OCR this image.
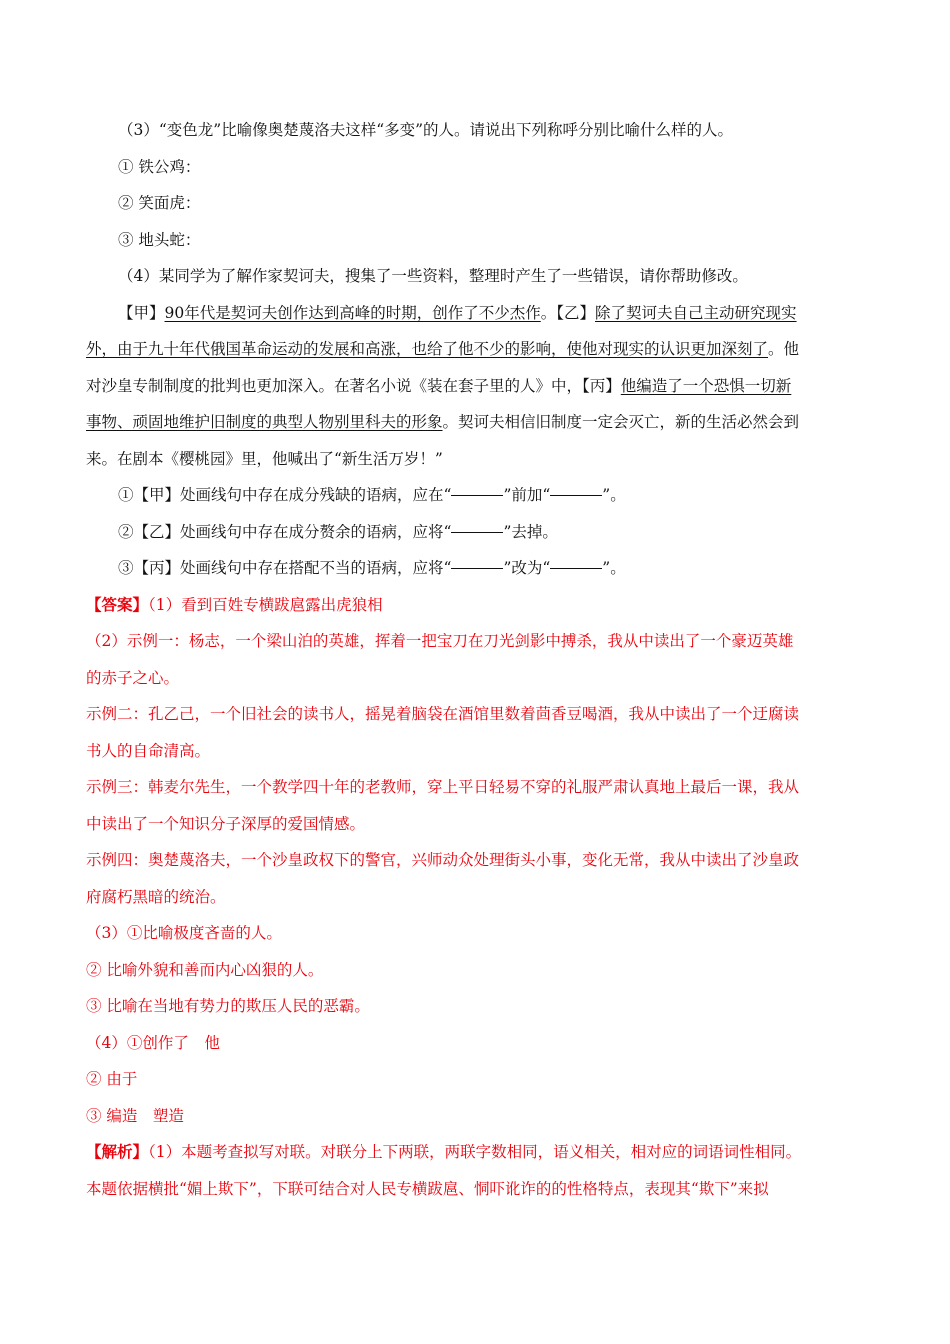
（3）“变色龙”比喻像奥楚蔑洛夫这样“多变”的人。请说出下列称呼分别比喻什么样的人。
① 铁公鸡：
② 笑面虎：
③ 地头蛇：
（4）某同学为了解作家契诃夫，搜集了一些资料，整理时产生了一些错误，请你帮助修改。
【甲】90年代是契诃夫创作达到高峰的时期，创作了不少杰作。【乙】除了契诃夫自己主动研究现实
外，由于九十年代俄国革命运动的发展和高涨，也给了他不少的影响，使他对现实的认识更加深刻了。他
对沙皇专制制度的批判也更加深入。在著名小说《装在套子里的人》中，【丙】他编造了一个恐惧一切新
事物、顽固地维护旧制度的典型人物别里科夫的形象。契诃夫相信旧制度一定会灭亡，新的生活必然会到
来。在剧本《樱桃园》里，他喊出了“新生活万岁！”
①【甲】处画线句中存在成分残缺的语病，应在“	”前加“	”。
②【乙】处画线句中存在成分赘余的语病，应将“	”去掉。
③【丙】处画线句中存在搭配不当的语病，应将“	”改为“	”。
【答案】（1）看到百姓专横跋扈露出虎狼相
（2）示例一：杨志，一个梁山泊的英雄，挥着一把宝刀在刀光剑影中搏杀，我从中读出了一个豪迈英雄
的赤子之心。
示例二：孔乙己，一个旧社会的读书人，摇晃着脑袋在酒馆里数着茴香豆喝酒，我从中读出了一个迂腐读
书人的自命清高。
示例三：韩麦尔先生，一个教学四十年的老教师，穿上平日轻易不穿的礼服严肃认真地上最后一课，我从
中读出了一个知识分子深厚的爱国情感。
示例四：奥楚蔑洛夫，一个沙皇政权下的警官，兴师动众处理街头小事，变化无常，我从中读出了沙皇政
府腐朽黑暗的统治。
（3）①比喻极度吝啬的人。
② 比喻外貌和善而内心凶狠的人。
③ 比喻在当地有势力的欺压人民的恶霸。
（4）①创作了　他
② 由于
③ 编造　塑造
【解析】（1）本题考查拟写对联。对联分上下两联，两联字数相同，语义相关，相对应的词语词性相同。
本题依据横批“媚上欺下”，下联可结合对人民专横跋扈、恫吓讹诈的的性格特点，表现其“欺下”来拟
